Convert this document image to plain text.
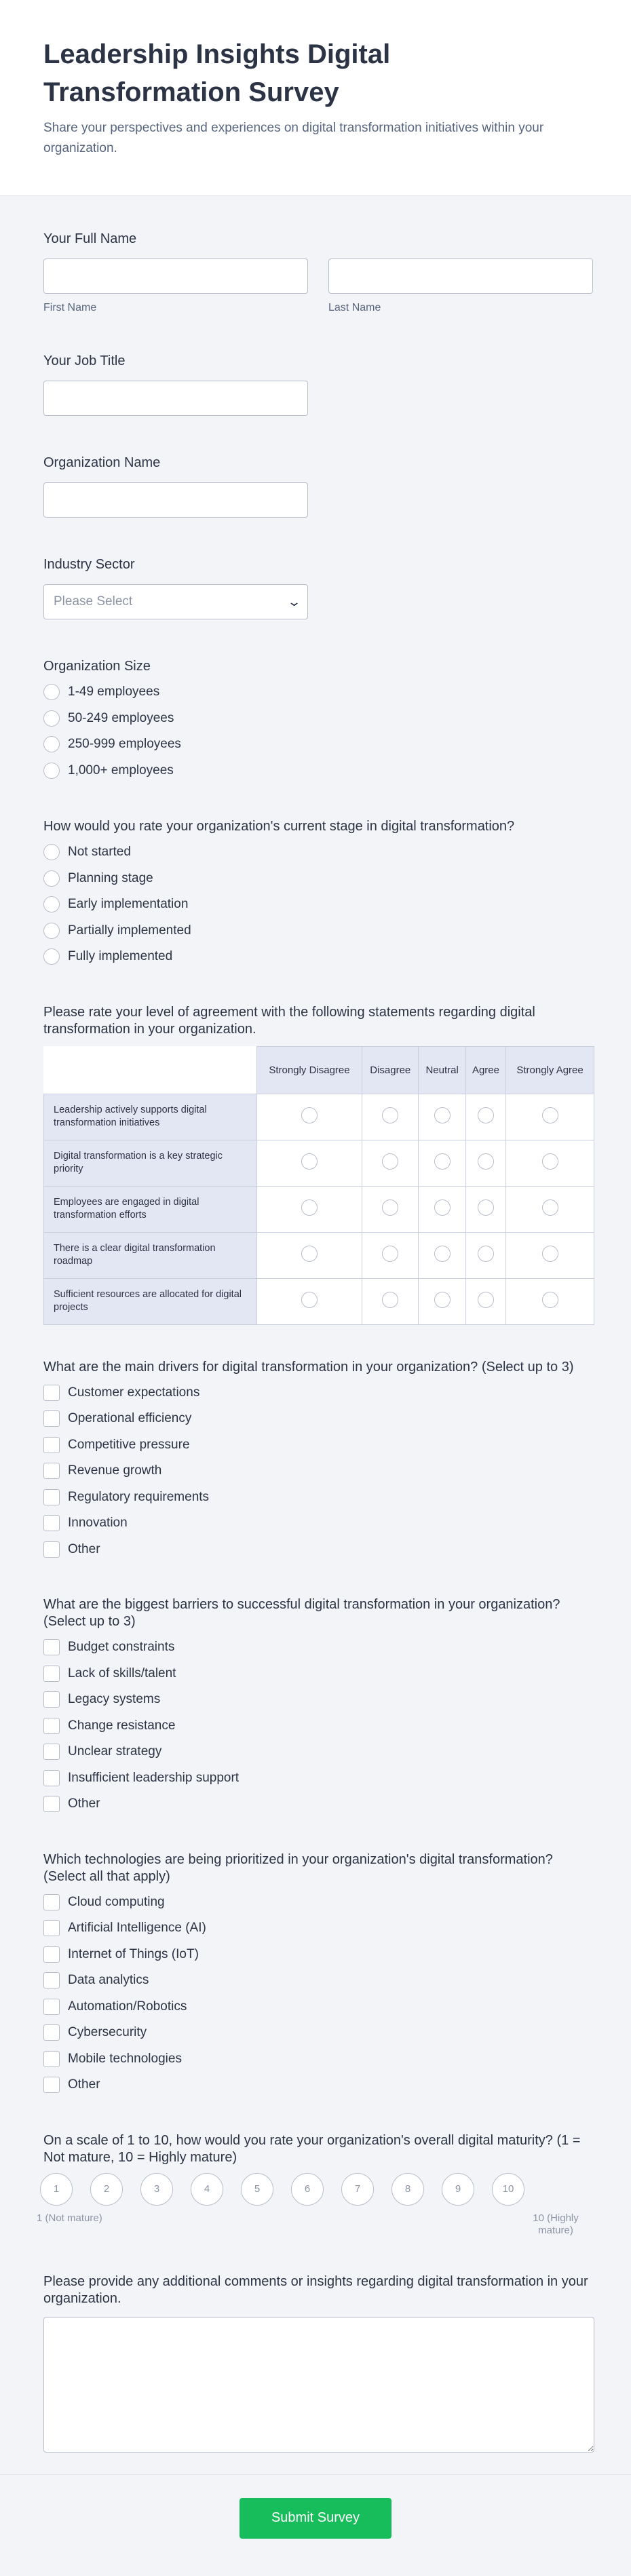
Leadership Insights Digital Transformation Survey

Share your perspectives and experiences on digital transformation initiatives within your organization.

Your Full Name
First Name	Last Name
Your Job Title
Organization Name
Industry Sector
Please Select	⌄
Organization Size
1-49 employees
50-249 employees
250-999 employees
1,000+ employees
How would you rate your organization's current stage in digital transformation?
Not started
Planning stage
Early implementation
Partially implemented
Fully implemented
Please rate your level of agreement with the following statements regarding digital transformation in your organization.
	Strongly Disagree	Disagree	Neutral	Agree	Strongly Agree
Leadership actively supports digital transformation initiatives					
Digital transformation is a key strategic priority					
Employees are engaged in digital transformation efforts					
There is a clear digital transformation roadmap					
Sufficient resources are allocated for digital projects					
What are the main drivers for digital transformation in your organization? (Select up to 3)
Customer expectations
Operational efficiency
Competitive pressure
Revenue growth
Regulatory requirements
Innovation
Other
What are the biggest barriers to successful digital transformation in your organization? (Select up to 3)
Budget constraints
Lack of skills/talent
Legacy systems
Change resistance
Unclear strategy
Insufficient leadership support
Other
Which technologies are being prioritized in your organization's digital transformation? (Select all that apply)
Cloud computing
Artificial Intelligence (AI)
Internet of Things (IoT)
Data analytics
Automation/Robotics
Cybersecurity
Mobile technologies
Other
On a scale of 1 to 10, how would you rate your organization's overall digital maturity? (1 = Not mature, 10 = Highly mature)
1	2	3	4	5	6	7	8	9	10
1 (Not mature)	10 (Highly mature)
Please provide any additional comments or insights regarding digital transformation in your organization.
Submit Survey
